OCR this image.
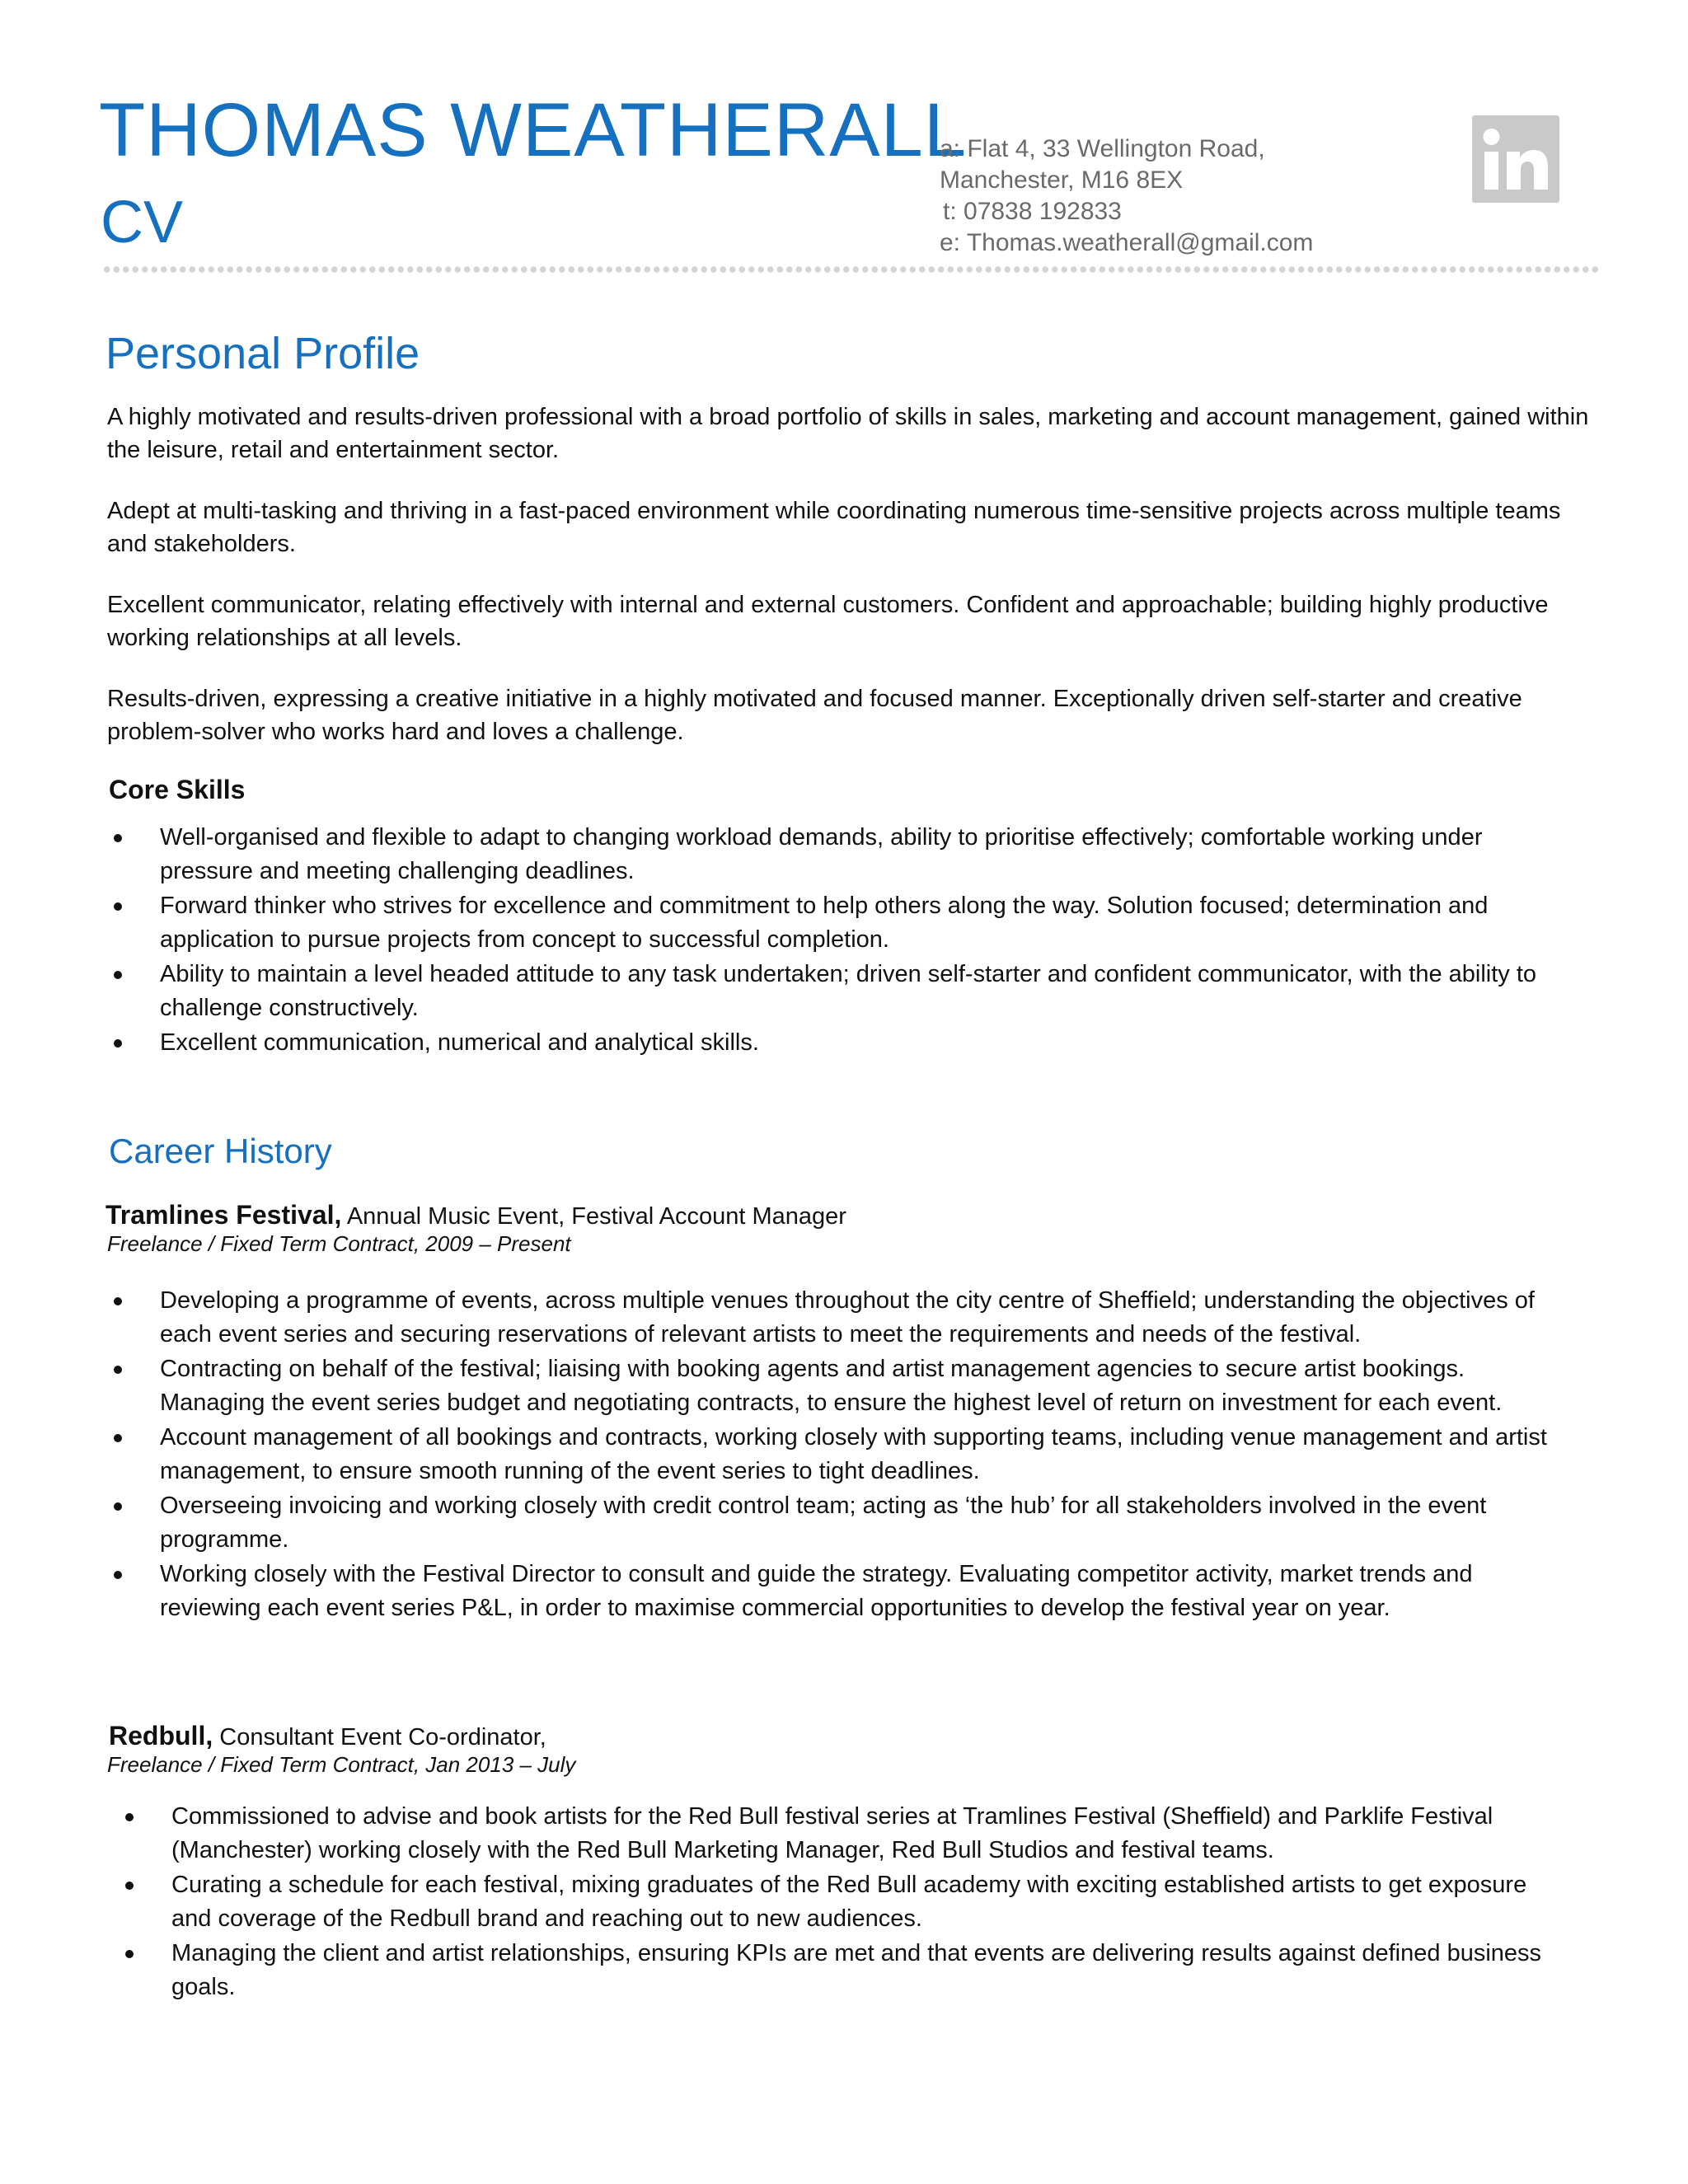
THOMAS WEATHERALL
CV
a: Flat 4, 33 Wellington Road,
Manchester, M16 8EX
t: 07838 192833
e: Thomas.weatherall@gmail.com
Personal Profile
A highly motivated and results-driven professional with a broad portfolio of skills in sales, marketing and account management, gained within the leisure, retail and entertainment sector.
Adept at multi-tasking and thriving in a fast-paced environment while coordinating numerous time-sensitive projects across multiple teams and stakeholders.
Excellent communicator, relating effectively with internal and external customers. Confident and approachable; building highly productive working relationships at all levels.
Results-driven, expressing a creative initiative in a highly motivated and focused manner. Exceptionally driven self-starter and creative problem-solver who works hard and loves a challenge.
Core Skills
Well-organised and flexible to adapt to changing workload demands, ability to prioritise effectively; comfortable working under pressure and meeting challenging deadlines.
Forward thinker who strives for excellence and commitment to help others along the way. Solution focused; determination and application to pursue projects from concept to successful completion.
Ability to maintain a level headed attitude to any task undertaken; driven self-starter and confident communicator, with the ability to challenge constructively.
Excellent communication, numerical and analytical skills.
Career History
Tramlines Festival, Annual Music Event, Festival Account Manager
Freelance / Fixed Term Contract, 2009 – Present
Developing a programme of events, across multiple venues throughout the city centre of Sheffield; understanding the objectives of each event series and securing reservations of relevant artists to meet the requirements and needs of the festival.
Contracting on behalf of the festival; liaising with booking agents and artist management agencies to secure artist bookings. Managing the event series budget and negotiating contracts, to ensure the highest level of return on investment for each event.
Account management of all bookings and contracts, working closely with supporting teams, including venue management and artist management, to ensure smooth running of the event series to tight deadlines.
Overseeing invoicing and working closely with credit control team; acting as ‘the hub’ for all stakeholders involved in the event programme.
Working closely with the Festival Director to consult and guide the strategy. Evaluating competitor activity, market trends and reviewing each event series P&L, in order to maximise commercial opportunities to develop the festival year on year.
Redbull, Consultant Event Co-ordinator,
Freelance / Fixed Term Contract, Jan 2013 – July
Commissioned to advise and book artists for the Red Bull festival series at Tramlines Festival (Sheffield) and Parklife Festival (Manchester) working closely with the Red Bull Marketing Manager, Red Bull Studios and festival teams.
Curating a schedule for each festival, mixing graduates of the Red Bull academy with exciting established artists to get exposure and coverage of the Redbull brand and reaching out to new audiences.
Managing the client and artist relationships, ensuring KPIs are met and that events are delivering results against defined business goals.
